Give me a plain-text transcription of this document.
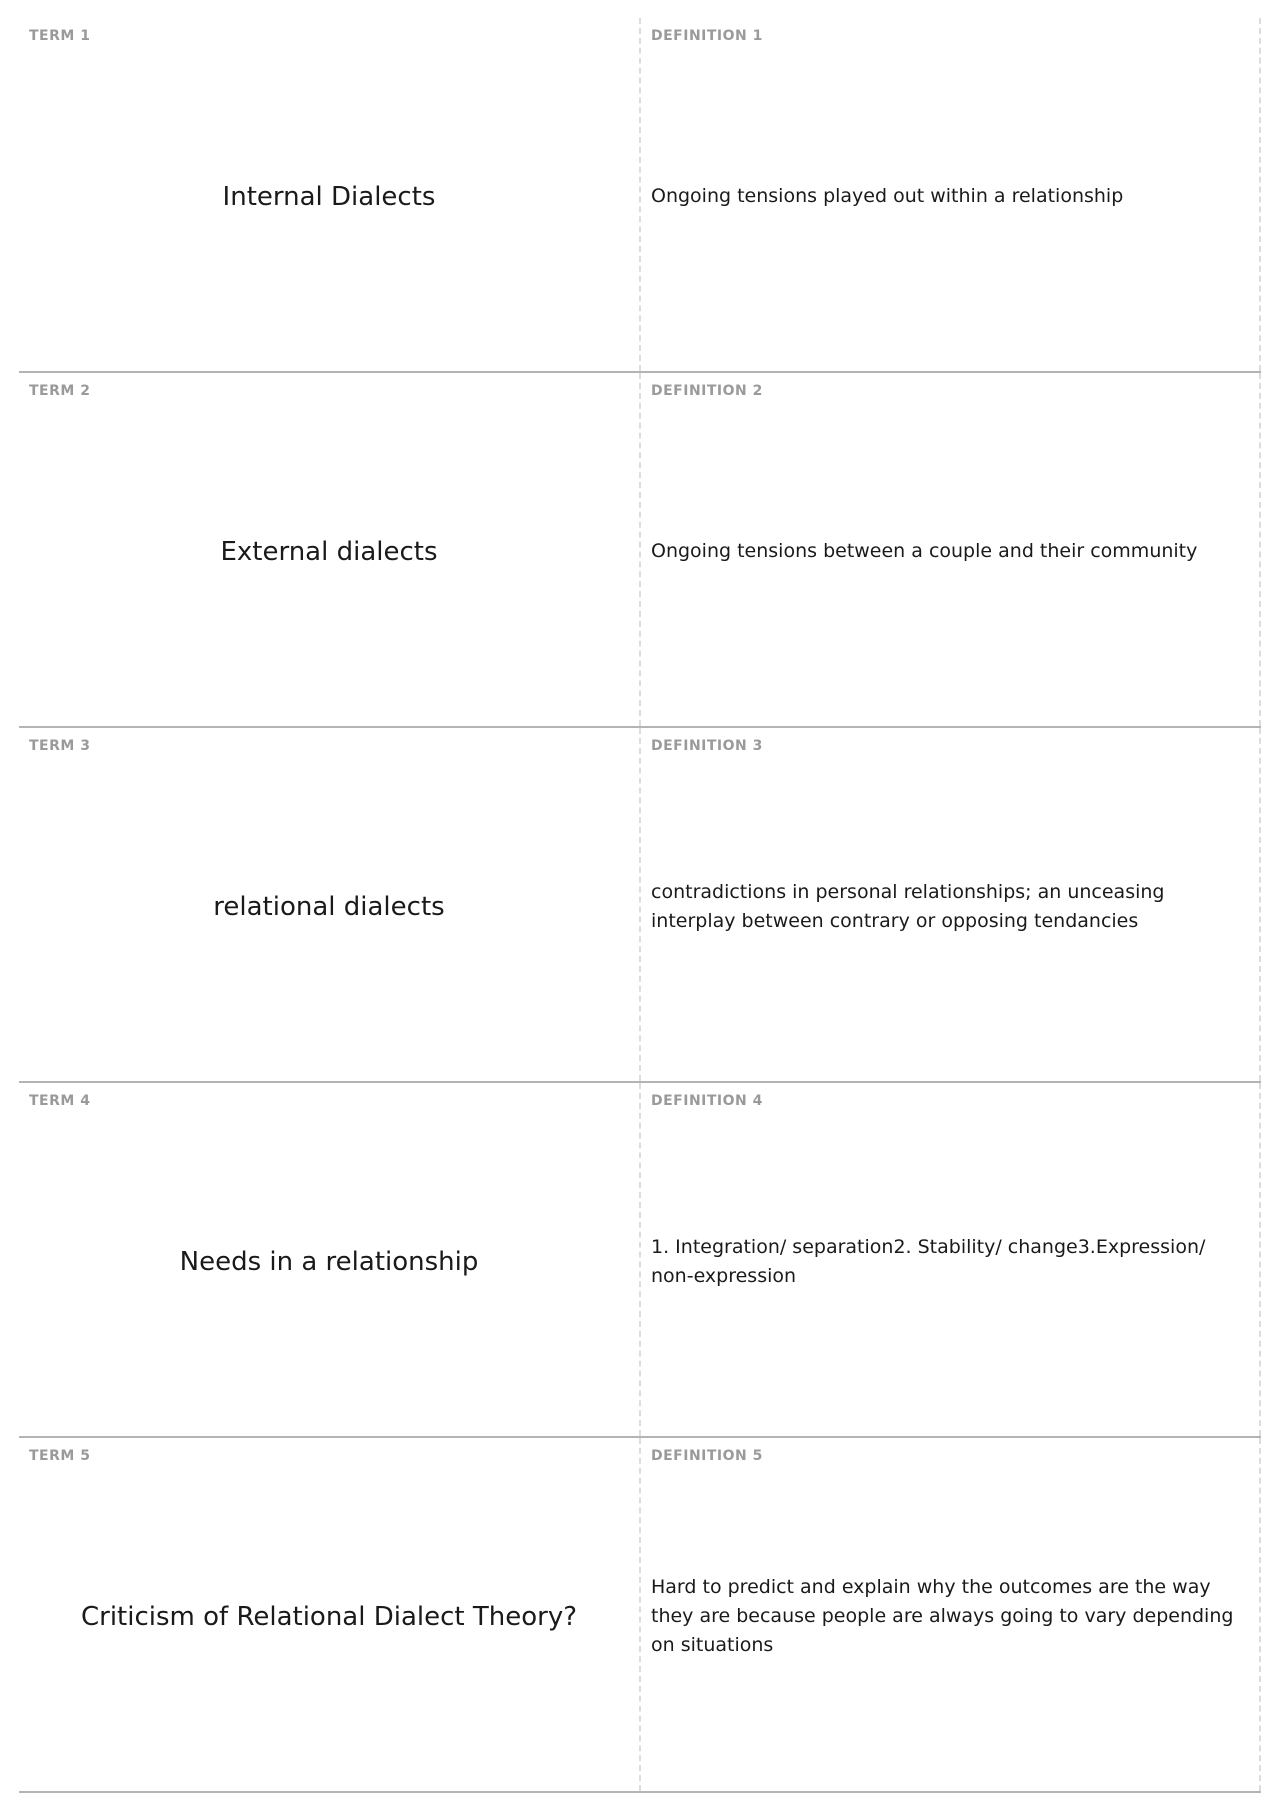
TERM 1
Internal Dialects
DEFINITION 1
Ongoing tensions played out within a relationship
TERM 2
External dialects
DEFINITION 2
Ongoing tensions between a couple and their community
TERM 3
relational dialects
DEFINITION 3
contradictions in personal relationships; an unceasing interplay between contrary or opposing tendancies
TERM 4
Needs in a relationship
DEFINITION 4
1. Integration/ separation2. Stability/ change3.Expression/ non-expression
TERM 5
Criticism of Relational Dialect Theory?
DEFINITION 5
Hard to predict and explain why the outcomes are the way they are because people are always going to vary depending on situations
